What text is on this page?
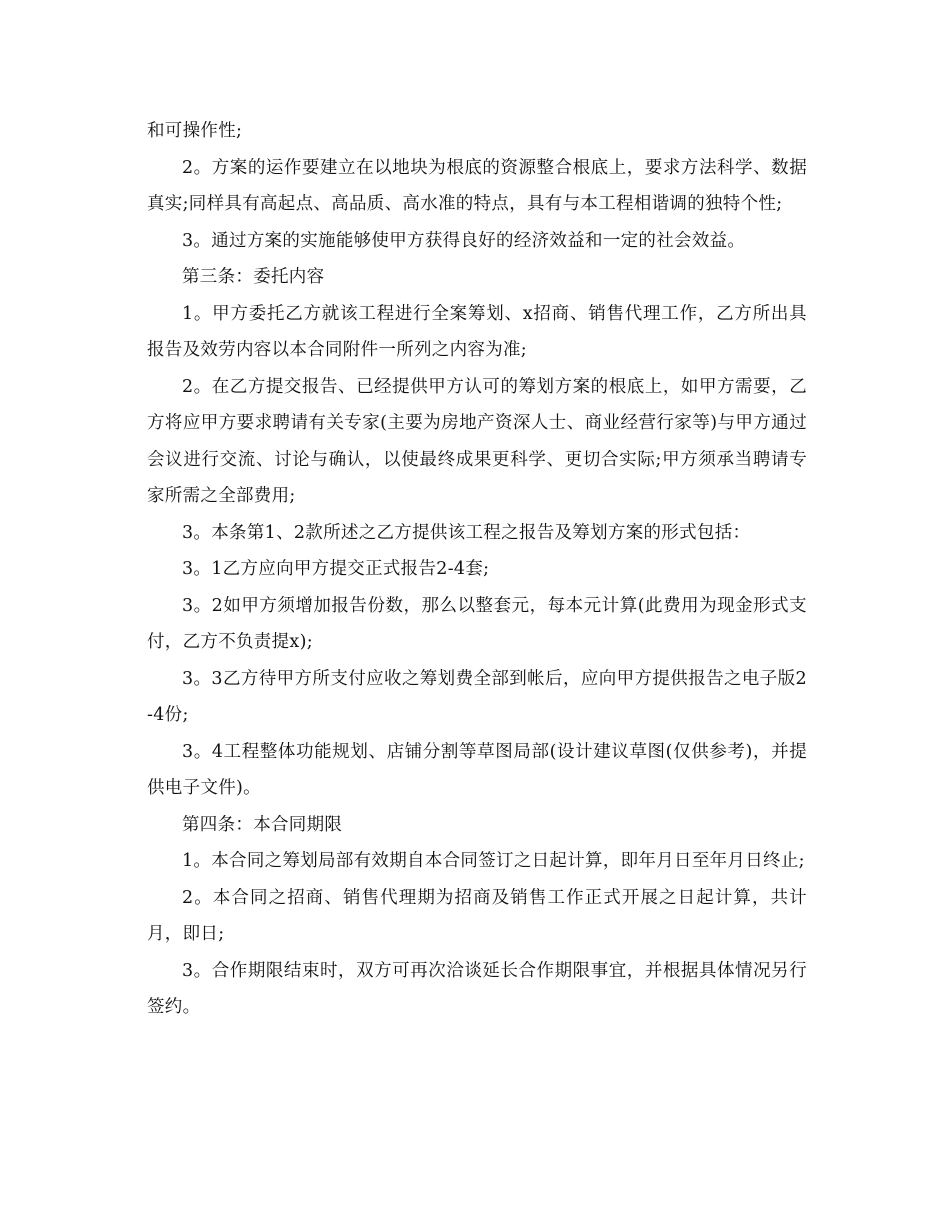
和可操作性;

2。方案的运作要建立在以地块为根底的资源整合根底上，要求方法科学、数据真实;同样具有高起点、高品质、高水准的特点，具有与本工程相谐调的独特个性;

3。通过方案的实施能够使甲方获得良好的经济效益和一定的社会效益。

第三条：委托内容

1。甲方委托乙方就该工程进行全案筹划、x招商、销售代理工作，乙方所出具报告及效劳内容以本合同附件一所列之内容为准;

2。在乙方提交报告、已经提供甲方认可的筹划方案的根底上，如甲方需要，乙方将应甲方要求聘请有关专家(主要为房地产资深人士、商业经营行家等)与甲方通过会议进行交流、讨论与确认，以使最终成果更科学、更切合实际;甲方须承当聘请专家所需之全部费用;

3。本条第1、2款所述之乙方提供该工程之报告及筹划方案的形式包括：

3。1乙方应向甲方提交正式报告2-4套;

3。2如甲方须增加报告份数，那么以整套元，每本元计算(此费用为现金形式支付，乙方不负责提x);

3。3乙方待甲方所支付应收之筹划费全部到帐后，应向甲方提供报告之电子版2-4份;

3。4工程整体功能规划、店铺分割等草图局部(设计建议草图(仅供参考)，并提供电子文件)。

第四条：本合同期限

1。本合同之筹划局部有效期自本合同签订之日起计算，即年月日至年月日终止;

2。本合同之招商、销售代理期为招商及销售工作正式开展之日起计算，共计月，即日;

3。合作期限结束时，双方可再次洽谈延长合作期限事宜，并根据具体情况另行签约。
